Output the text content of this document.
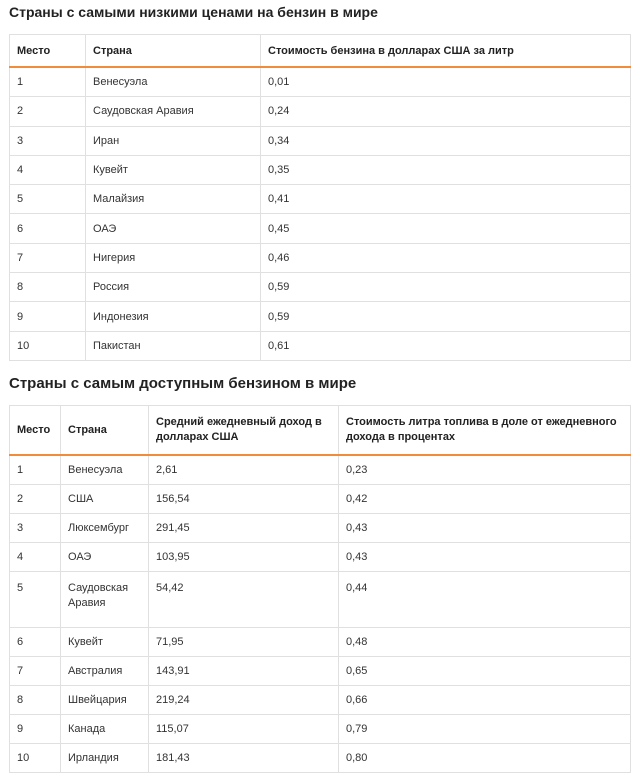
Страны с самыми низкими ценами на бензин в мире
Место	Страна	Стоимость бензина в долларах США за литр
1	Венесуэла	0,01
2	Саудовская Аравия	0,24
3	Иран	0,34
4	Кувейт	0,35
5	Малайзия	0,41
6	ОАЭ	0,45
7	Нигерия	0,46
8	Россия	0,59
9	Индонезия	0,59
10	Пакистан	0,61
Страны с самым доступным бензином в мире
Место	Страна	Средний ежедневный доход в долларах США	Стоимость литра топлива в доле от ежедневного дохода в процентах
1	Венесуэла	2,61	0,23
2	США	156,54	0,42
3	Люксембург	291,45	0,43
4	ОАЭ	103,95	0,43
5	Саудовская Аравия	54,42	0,44
6	Кувейт	71,95	0,48
7	Австралия	143,91	0,65
8	Швейцария	219,24	0,66
9	Канада	115,07	0,79
10	Ирландия	181,43	0,80
